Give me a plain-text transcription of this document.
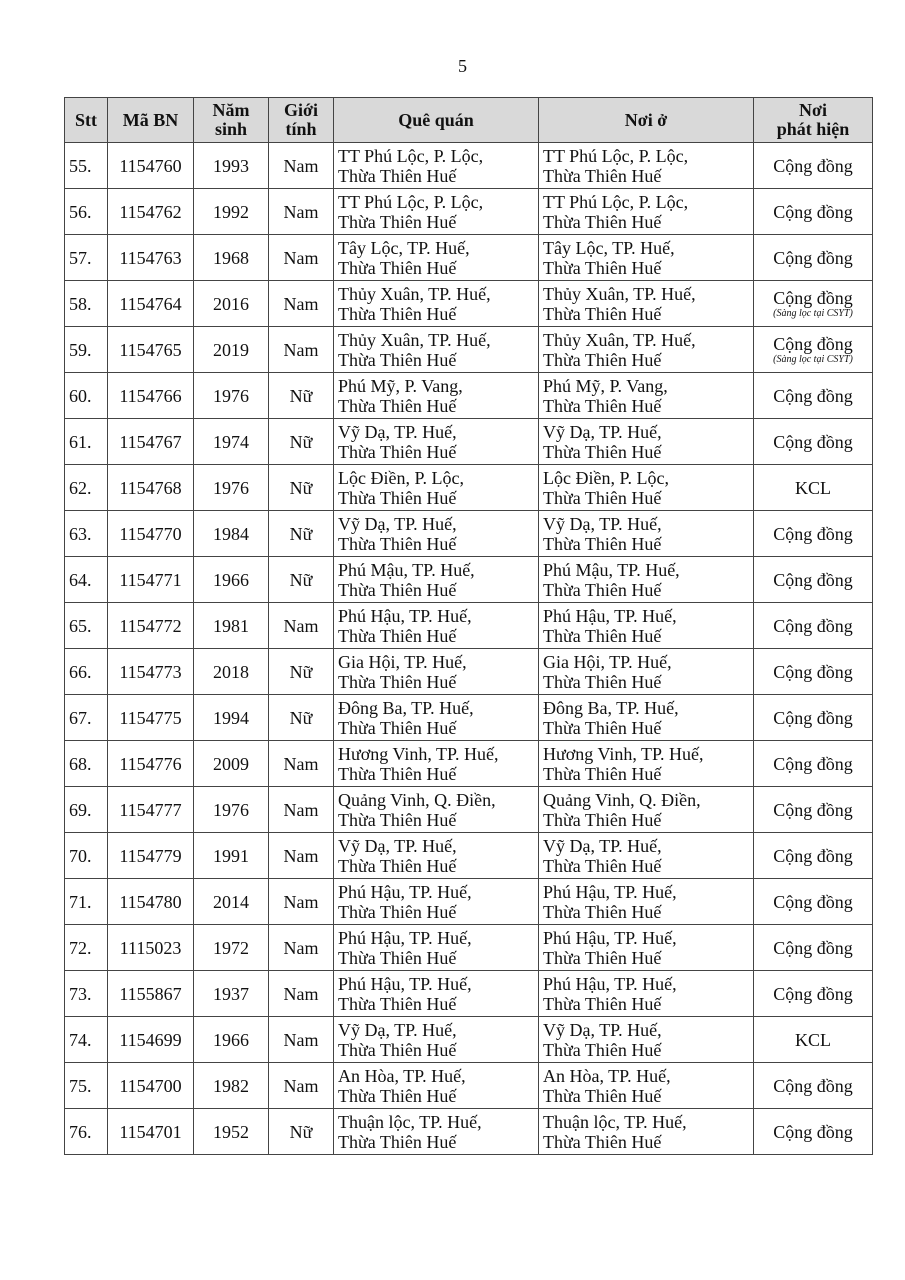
5
Stt	Mã BN	Năm
sinh	Giới
tính	Quê quán	Nơi ở	Nơi
phát hiện

55.	1154760	1993	Nam	TT Phú Lộc, P. Lộc,
Thừa Thiên Huế	TT Phú Lộc, P. Lộc,
Thừa Thiên Huế	Cộng đồng

56.	1154762	1992	Nam	TT Phú Lộc, P. Lộc,
Thừa Thiên Huế	TT Phú Lộc, P. Lộc,
Thừa Thiên Huế	Cộng đồng

57.	1154763	1968	Nam	Tây Lộc, TP. Huế,
Thừa Thiên Huế	Tây Lộc, TP. Huế,
Thừa Thiên Huế	Cộng đồng

58.	1154764	2016	Nam	Thủy Xuân, TP. Huế,
Thừa Thiên Huế	Thủy Xuân, TP. Huế,
Thừa Thiên Huế	Cộng đồng
(Sàng lọc tại CSYT)

59.	1154765	2019	Nam	Thủy Xuân, TP. Huế,
Thừa Thiên Huế	Thủy Xuân, TP. Huế,
Thừa Thiên Huế	Cộng đồng
(Sàng lọc tại CSYT)

60.	1154766	1976	Nữ	Phú Mỹ, P. Vang,
Thừa Thiên Huế	Phú Mỹ, P. Vang,
Thừa Thiên Huế	Cộng đồng

61.	1154767	1974	Nữ	Vỹ Dạ, TP. Huế,
Thừa Thiên Huế	Vỹ Dạ, TP. Huế,
Thừa Thiên Huế	Cộng đồng

62.	1154768	1976	Nữ	Lộc Điền, P. Lộc,
Thừa Thiên Huế	Lộc Điền, P. Lộc,
Thừa Thiên Huế	KCL

63.	1154770	1984	Nữ	Vỹ Dạ, TP. Huế,
Thừa Thiên Huế	Vỹ Dạ, TP. Huế,
Thừa Thiên Huế	Cộng đồng

64.	1154771	1966	Nữ	Phú Mậu, TP. Huế,
Thừa Thiên Huế	Phú Mậu, TP. Huế,
Thừa Thiên Huế	Cộng đồng

65.	1154772	1981	Nam	Phú Hậu, TP. Huế,
Thừa Thiên Huế	Phú Hậu, TP. Huế,
Thừa Thiên Huế	Cộng đồng

66.	1154773	2018	Nữ	Gia Hội, TP. Huế,
Thừa Thiên Huế	Gia Hội, TP. Huế,
Thừa Thiên Huế	Cộng đồng

67.	1154775	1994	Nữ	Đông Ba, TP. Huế,
Thừa Thiên Huế	Đông Ba, TP. Huế,
Thừa Thiên Huế	Cộng đồng

68.	1154776	2009	Nam	Hương Vinh, TP. Huế,
Thừa Thiên Huế	Hương Vinh, TP. Huế,
Thừa Thiên Huế	Cộng đồng

69.	1154777	1976	Nam	Quảng Vinh, Q. Điền,
Thừa Thiên Huế	Quảng Vinh, Q. Điền,
Thừa Thiên Huế	Cộng đồng

70.	1154779	1991	Nam	Vỹ Dạ, TP. Huế,
Thừa Thiên Huế	Vỹ Dạ, TP. Huế,
Thừa Thiên Huế	Cộng đồng

71.	1154780	2014	Nam	Phú Hậu, TP. Huế,
Thừa Thiên Huế	Phú Hậu, TP. Huế,
Thừa Thiên Huế	Cộng đồng

72.	1115023	1972	Nam	Phú Hậu, TP. Huế,
Thừa Thiên Huế	Phú Hậu, TP. Huế,
Thừa Thiên Huế	Cộng đồng

73.	1155867	1937	Nam	Phú Hậu, TP. Huế,
Thừa Thiên Huế	Phú Hậu, TP. Huế,
Thừa Thiên Huế	Cộng đồng

74.	1154699	1966	Nam	Vỹ Dạ, TP. Huế,
Thừa Thiên Huế	Vỹ Dạ, TP. Huế,
Thừa Thiên Huế	KCL

75.	1154700	1982	Nam	An Hòa, TP. Huế,
Thừa Thiên Huế	An Hòa, TP. Huế,
Thừa Thiên Huế	Cộng đồng

76.	1154701	1952	Nữ	Thuận lộc, TP. Huế,
Thừa Thiên Huế	Thuận lộc, TP. Huế,
Thừa Thiên Huế	Cộng đồng
